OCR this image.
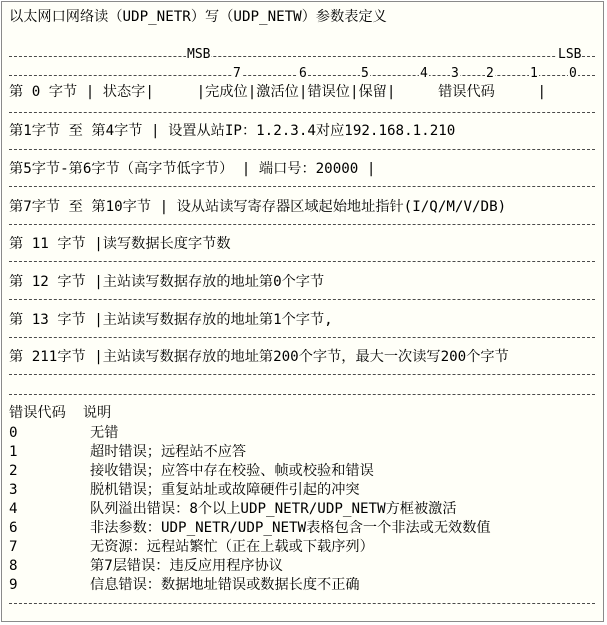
以太网口网络读（UDP_NETR）写（UDP_NETW）参数表定义
MSB	LSB
7	6	5	4 3 2	1 0
第 0 字节 | 状态字|     |完成位|激活位|错误位|保留|     错误代码     |
第1字节 至 第4字节 | 设置从站IP：1.2.3.4对应192.168.1.210
第5字节-第6字节（高字节低字节） | 端口号：20000 |
第7字节 至 第10字节 | 设从站读写寄存器区域起始地址指针(I/Q/M/V/DB)
第 11 字节 |读写数据长度字节数
第 12 字节 |主站读写数据存放的地址第0个字节
第 13 字节 |主站读写数据存放的地址第1个字节,
第 211字节 |主站读写数据存放的地址第200个字节，最大一次读写200个字节
错误代码  说明
0	无错
1	超时错误；远程站不应答
2	接收错误；应答中存在校验、帧或校验和错误
3	脱机错误；重复站址或故障硬件引起的冲突
4	队列溢出错误：8个以上UDP_NETR/UDP_NETW方框被激活
6	非法参数：UDP_NETR/UDP_NETW表格包含一个非法或无效数值
7	无资源：远程站繁忙（正在上载或下载序列）
8	第7层错误：违反应用程序协议
9	信息错误：数据地址错误或数据长度不正确
